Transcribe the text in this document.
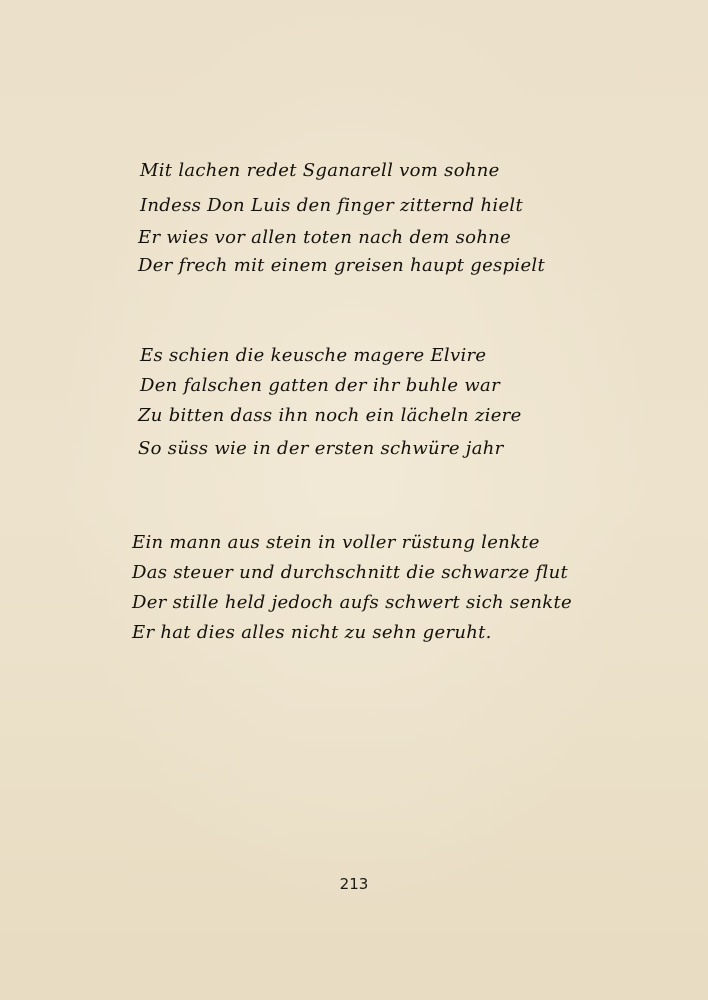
Mit lachen redet Sganarell vom sohne
Indess Don Luis den finger zitternd hielt
Er wies vor allen toten nach dem sohne
Der frech mit einem greisen haupt gespielt
Es schien die keusche magere Elvire
Den falschen gatten der ihr buhle war
Zu bitten dass ihn noch ein lächeln ziere
So süss wie in der ersten schwüre jahr
Ein mann aus stein in voller rüstung lenkte
Das steuer und durchschnitt die schwarze flut
Der stille held jedoch aufs schwert sich senkte
Er hat dies alles nicht zu sehn geruht.
213
